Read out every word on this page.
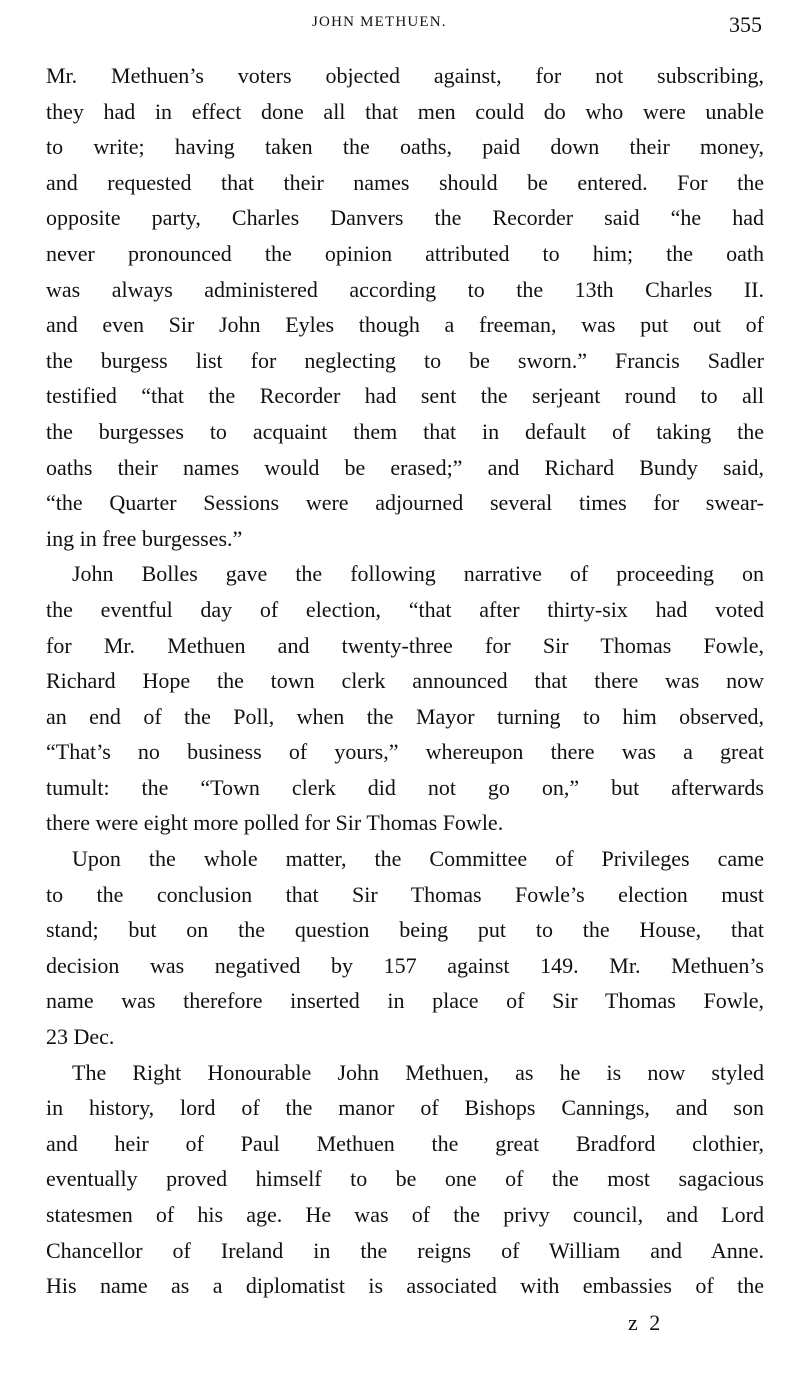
JOHN METHUEN.	355
Mr. Methuen’s voters objected against, for not subscribing,
they had in effect done all that men could do who were unable
to write; having taken the oaths, paid down their money,
and requested that their names should be entered. For the
opposite party, Charles Danvers the Recorder said “he had
never pronounced the opinion attributed to him; the oath
was always administered according to the 13th Charles II.
and even Sir John Eyles though a freeman, was put out of
the burgess list for neglecting to be sworn.” Francis Sadler
testified “that the Recorder had sent the serjeant round to all
the burgesses to acquaint them that in default of taking the
oaths their names would be erased;” and Richard Bundy said,
“the Quarter Sessions were adjourned several times for swear-
ing in free burgesses.”
John Bolles gave the following narrative of proceeding on
the eventful day of election, “that after thirty-six had voted
for Mr. Methuen and twenty-three for Sir Thomas Fowle,
Richard Hope the town clerk announced that there was now
an end of the Poll, when the Mayor turning to him observed,
“That’s no business of yours,” whereupon there was a great
tumult: the “Town clerk did not go on,” but afterwards
there were eight more polled for Sir Thomas Fowle.
Upon the whole matter, the Committee of Privileges came
to the conclusion that Sir Thomas Fowle’s election must
stand; but on the question being put to the House, that
decision was negatived by 157 against 149. Mr. Methuen’s
name was therefore inserted in place of Sir Thomas Fowle,
23 Dec.
The Right Honourable John Methuen, as he is now styled
in history, lord of the manor of Bishops Cannings, and son
and heir of Paul Methuen the great Bradford clothier,
eventually proved himself to be one of the most sagacious
statesmen of his age. He was of the privy council, and Lord
Chancellor of Ireland in the reigns of William and Anne.
His name as a diplomatist is associated with embassies of the
z 2
